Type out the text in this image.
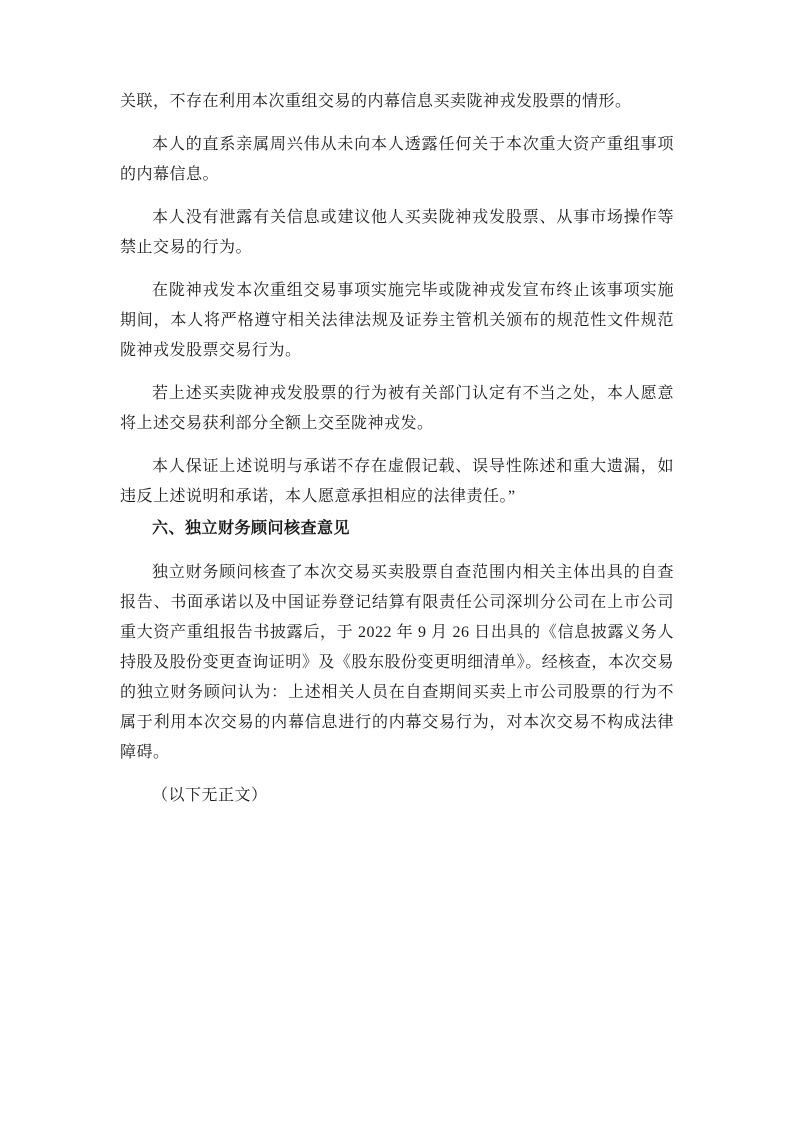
关联，不存在利用本次重组交易的内幕信息买卖陇神戎发股票的情形。

本人的直系亲属周兴伟从未向本人透露任何关于本次重大资产重组事项的内幕信息。

本人没有泄露有关信息或建议他人买卖陇神戎发股票、从事市场操作等禁止交易的行为。

在陇神戎发本次重组交易事项实施完毕或陇神戎发宣布终止该事项实施期间，本人将严格遵守相关法律法规及证券主管机关颁布的规范性文件规范陇神戎发股票交易行为。

若上述买卖陇神戎发股票的行为被有关部门认定有不当之处，本人愿意将上述交易获利部分全额上交至陇神戎发。

本人保证上述说明与承诺不存在虚假记载、误导性陈述和重大遗漏，如违反上述说明和承诺，本人愿意承担相应的法律责任。”

六、独立财务顾问核查意见

独立财务顾问核查了本次交易买卖股票自查范围内相关主体出具的自查报告、书面承诺以及中国证券登记结算有限责任公司深圳分公司在上市公司重大资产重组报告书披露后，于 2022 年 9 月 26 日出具的《信息披露义务人持股及股份变更查询证明》及《股东股份变更明细清单》。经核查，本次交易的独立财务顾问认为：上述相关人员在自查期间买卖上市公司股票的行为不属于利用本次交易的内幕信息进行的内幕交易行为，对本次交易不构成法律障碍。

（以下无正文）
